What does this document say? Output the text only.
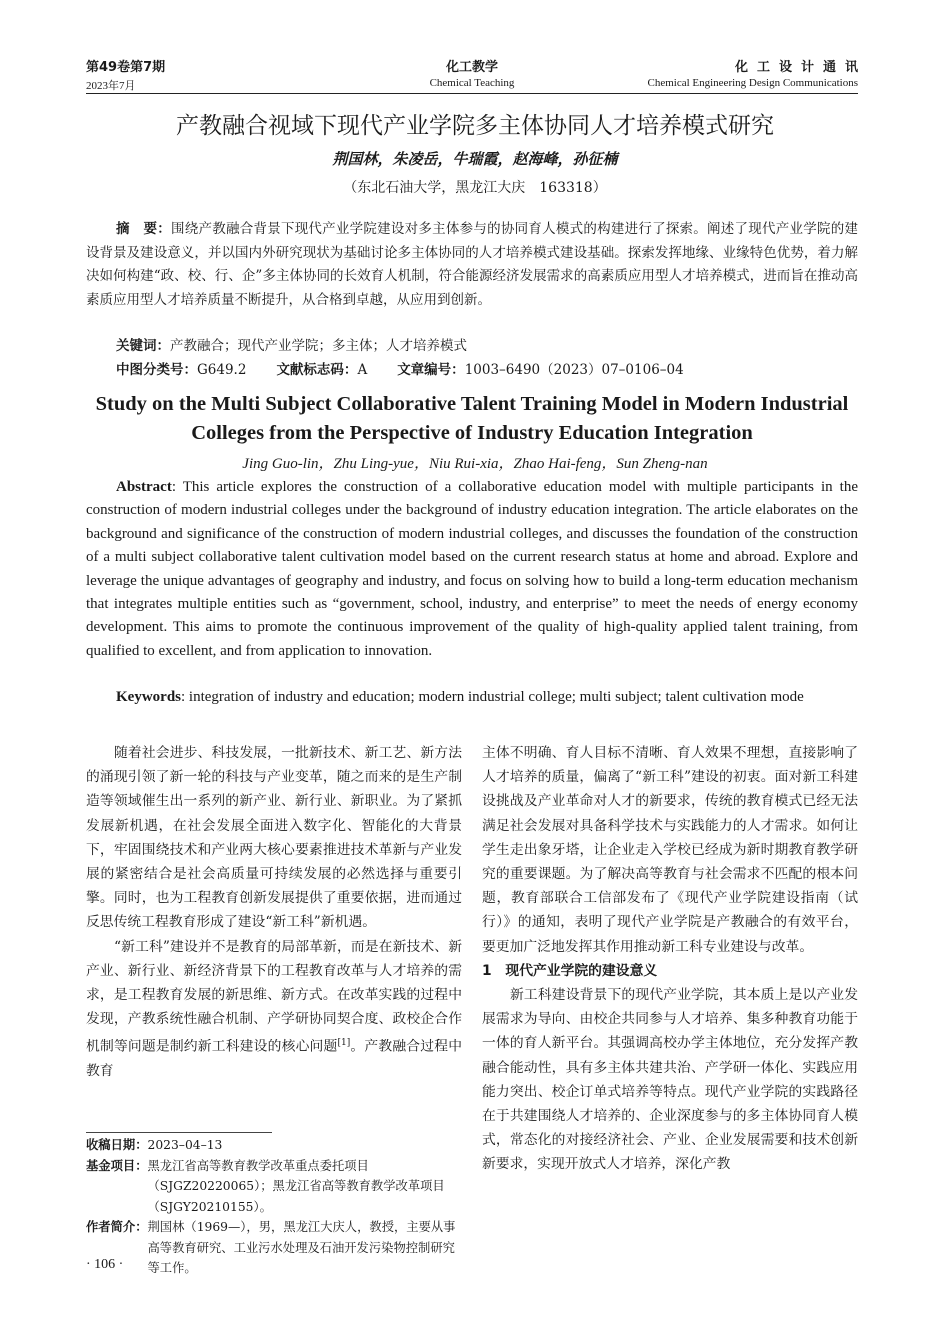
第49卷第7期
2023年7月
化工教学
Chemical Teaching
化工设计通讯
Chemical Engineering Design Communications
产教融合视域下现代产业学院多主体协同人才培养模式研究
荆国林，朱凌岳，牛瑞霞，赵海峰，孙征楠
（东北石油大学，黑龙江大庆　163318）

摘　要：围绕产教融合背景下现代产业学院建设对多主体参与的协同育人模式的构建进行了探索。阐述了现代产业学院的建设背景及建设意义，并以国内外研究现状为基础讨论多主体协同的人才培养模式建设基础。探索发挥地缘、业缘特色优势，着力解决如何构建“政、校、行、企”多主体协同的长效育人机制，符合能源经济发展需求的高素质应用型人才培养模式，进而旨在推动高素质应用型人才培养质量不断提升，从合格到卓越，从应用到创新。

关键词：产教融合；现代产业学院；多主体；人才培养模式
中图分类号：G649.2 文献标志码：A 文章编号：1003–6490（2023）07–0106–04
Study on the Multi Subject Collaborative Talent Training Model in Modern Industrial Colleges from the Perspective of Industry Education Integration
Jing Guo-lin，Zhu Ling-yue，Niu Rui-xia，Zhao Hai-feng，Sun Zheng-nan

Abstract: This article explores the construction of a collaborative education model with multiple participants in the construction of modern industrial colleges under the background of industry education integration. The article elaborates on the background and significance of the construction of modern industrial colleges, and discusses the foundation of the construction of a multi subject collaborative talent cultivation model based on the current research status at home and abroad. Explore and leverage the unique advantages of geography and industry, and focus on solving how to build a long-term education mechanism that integrates multiple entities such as “government, school, industry, and enterprise” to meet the needs of energy economy development. This aims to promote the continuous improvement of the quality of high-quality applied talent training, from qualified to excellent, and from application to innovation.

Keywords: integration of industry and education; modern industrial college; multi subject; talent cultivation mode

随着社会进步、科技发展，一批新技术、新工艺、新方法的涌现引领了新一轮的科技与产业变革，随之而来的是生产制造等领域催生出一系列的新产业、新行业、新职业。为了紧抓发展新机遇，在社会发展全面进入数字化、智能化的大背景下，牢固围绕技术和产业两大核心要素推进技术革新与产业发展的紧密结合是社会高质量可持续发展的必然选择与重要引擎。同时，也为工程教育创新发展提供了重要依据，进而通过反思传统工程教育形成了建设“新工科”新机遇。

“新工科”建设并不是教育的局部革新，而是在新技术、新产业、新行业、新经济背景下的工程教育改革与人才培养的需求，是工程教育发展的新思维、新方式。在改革实践的过程中发现，产教系统性融合机制、产学研协同契合度、政校企合作机制等问题是制约新工科建设的核心问题[1]。产教融合过程中教育

主体不明确、育人目标不清晰、育人效果不理想，直接影响了人才培养的质量，偏离了“新工科”建设的初衷。面对新工科建设挑战及产业革命对人才的新要求，传统的教育模式已经无法满足社会发展对具备科学技术与实践能力的人才需求。如何让学生走出象牙塔，让企业走入学校已经成为新时期教育教学研究的重要课题。为了解决高等教育与社会需求不匹配的根本问题，教育部联合工信部发布了《现代产业学院建设指南（试行）》的通知，表明了现代产业学院是产教融合的有效平台，要更加广泛地发挥其作用推动新工科专业建设与改革。

1　现代产业学院的建设意义

新工科建设背景下的现代产业学院，其本质上是以产业发展需求为导向、由校企共同参与人才培养、集多种教育功能于一体的育人新平台。其强调高校办学主体地位，充分发挥产教融合能动性，具有多主体共建共治、产学研一体化、实践应用能力突出、校企订单式培养等特点。现代产业学院的实践路径在于共建围绕人才培养的、企业深度参与的多主体协同育人模式，常态化的对接经济社会、产业、企业发展需要和技术创新新要求，实现开放式人才培养，深化产教

收稿日期： 2023–04–13
基金项目： 黑龙江省高等教育教学改革重点委托项目（SJGZ20220065）；黑龙江省高等教育教学改革项目（SJGY20210155）。
作者简介： 荆国林（1969—），男，黑龙江大庆人，教授，主要从事高等教育研究、工业污水处理及石油开发污染物控制研究等工作。
· 106 ·
